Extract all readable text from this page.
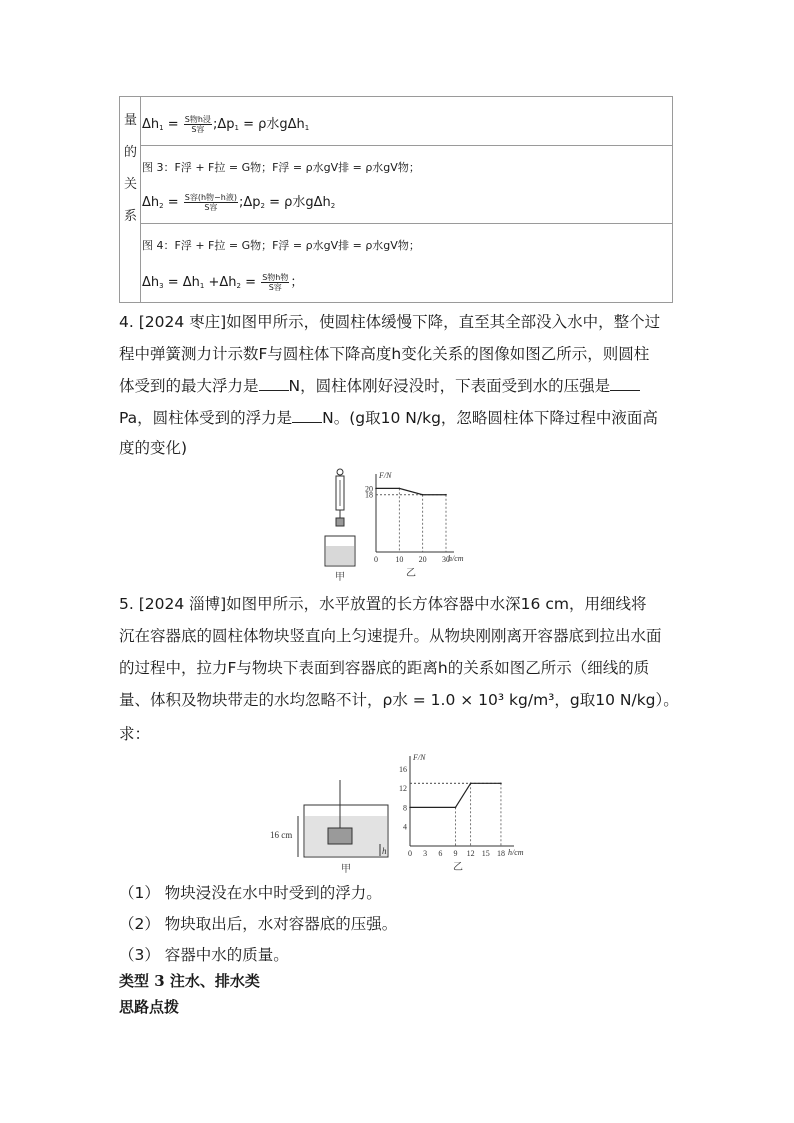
量
的
关
系
$\Delta h_1 = \frac{\text{S物h浸}}{\text{S容}}$ $;\Delta p_1 = \rho$水gΔh$_1$
图 3：F浮 + F拉 = G物；F浮 = ρ水gV排 = ρ水gV物；
$\Delta h_2 = \frac{\text{S容(h物−h液)}}{\text{S容}}$ $;\Delta p_2 = \rho$水gΔh$_2$
图 4：F浮 + F拉 = G物；F浮 = ρ水gV排 = ρ水gV物；
$\Delta h_3 = \Delta h_1 +\Delta h_2 = \frac{\text{S物h物}}{\text{S容}}$ ；
4. [2024 枣庄]如图甲所示，使圆柱体缓慢下降，直至其全部没入水中，整个过
程中弹簧测力计示数F与圆柱体下降高度h变化关系的图像如图乙所示，则圆柱
体受到的最大浮力是 N，圆柱体刚好浸没时，下表面受到水的压强是
Pa，圆柱体受到的浮力是 N。(g取10 N/kg，忽略圆柱体下降过程中液面高
度的变化)
甲
F/N
h/cm
0 10 20 30
18
20
乙
5. [2024 淄博]如图甲所示，水平放置的长方体容器中水深16 cm，用细线将
沉在容器底的圆柱体物块竖直向上匀速提升。从物块刚刚离开容器底到拉出水面
的过程中，拉力F与物块下表面到容器底的距离h的关系如图乙所示（细线的质
量、体积及物块带走的水均忽略不计，ρ水 = 1.0 × 10³ kg/m³，g取10 N/kg）。
求：
16 cm
h
甲
F/N
h/cm
0 3 6 9 12 15 18
4
8
12
16
乙
（1） 物块浸没在水中时受到的浮力。
（2） 物块取出后，水对容器底的压强。
（3） 容器中水的质量。
类型 3 注水、排水类
思路点拨
